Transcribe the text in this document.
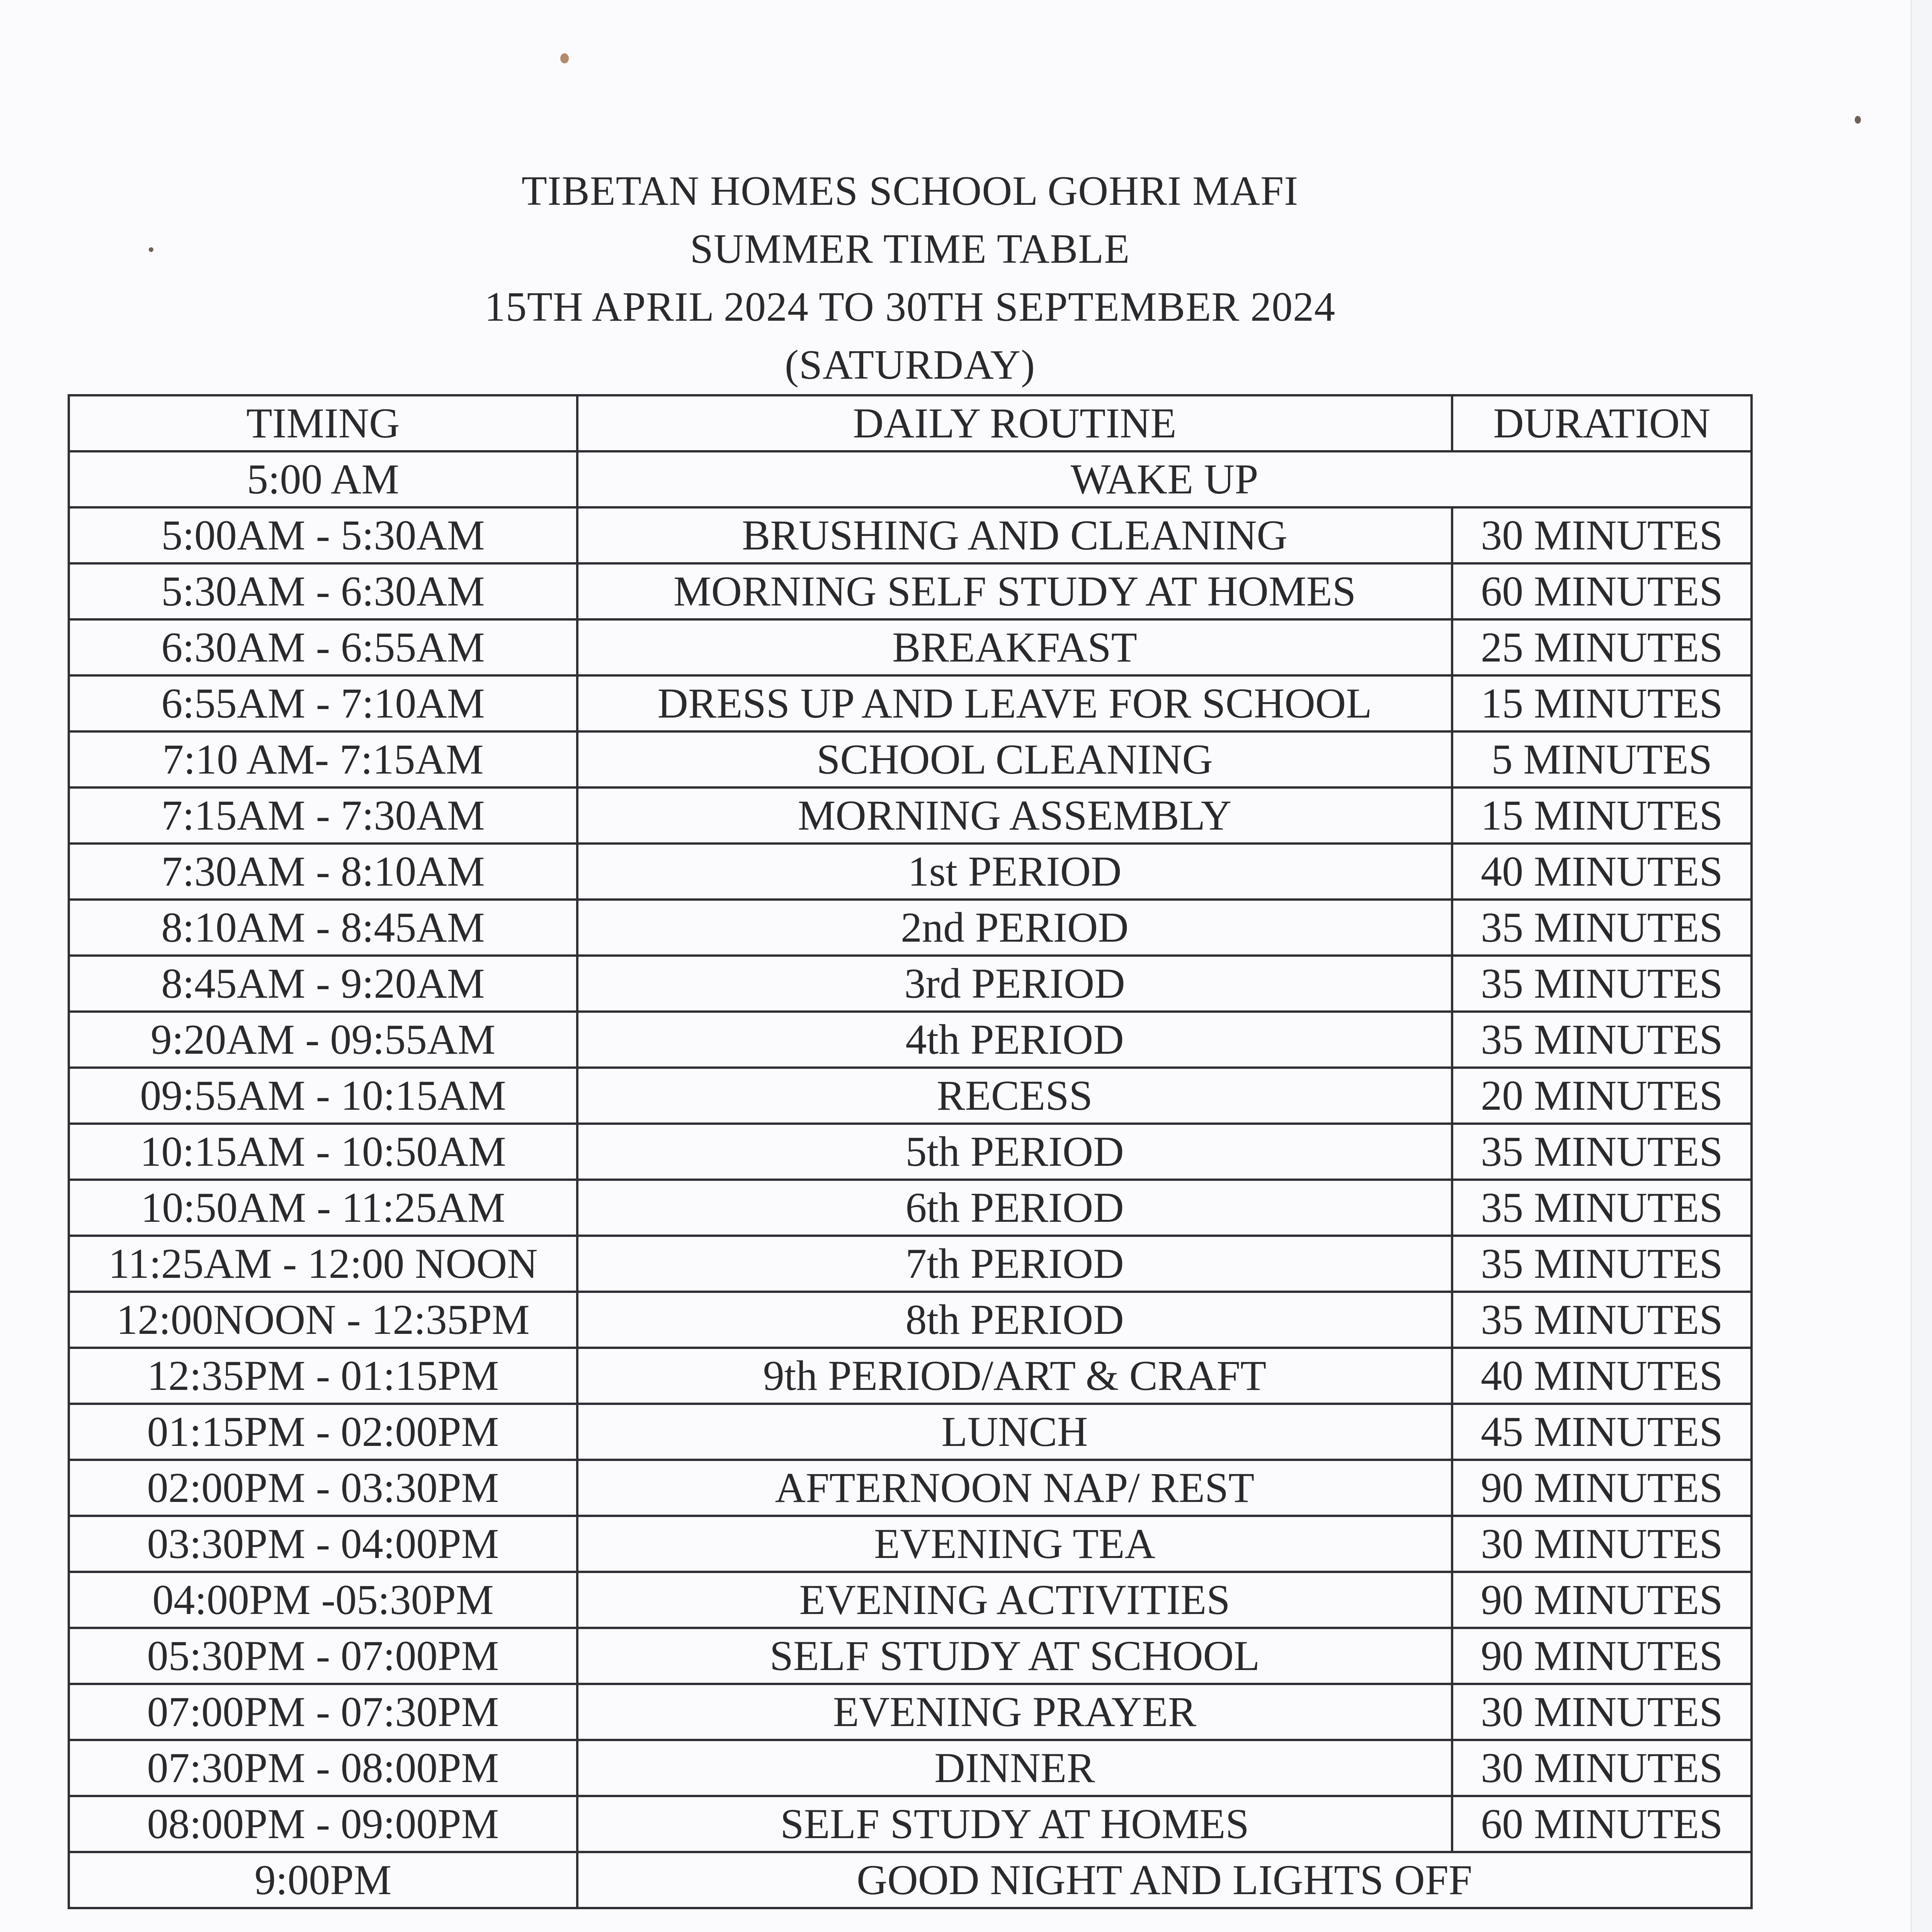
TIBETAN HOMES SCHOOL GOHRI MAFI
SUMMER TIME TABLE
15TH APRIL 2024 TO 30TH SEPTEMBER 2024
(SATURDAY)
TIMING	DAILY ROUTINE	DURATION
5:00 AM	WAKE UP	
5:00AM - 5:30AM	BRUSHING AND CLEANING	30 MINUTES
5:30AM - 6:30AM	MORNING SELF STUDY AT HOMES	60 MINUTES
6:30AM - 6:55AM	BREAKFAST	25 MINUTES
6:55AM - 7:10AM	DRESS UP AND LEAVE FOR SCHOOL	15 MINUTES
7:10 AM- 7:15AM	SCHOOL CLEANING	5 MINUTES
7:15AM - 7:30AM	MORNING ASSEMBLY	15 MINUTES
7:30AM - 8:10AM	1st PERIOD	40 MINUTES
8:10AM - 8:45AM	2nd PERIOD	35 MINUTES
8:45AM - 9:20AM	3rd PERIOD	35 MINUTES
9:20AM - 09:55AM	4th PERIOD	35 MINUTES
09:55AM - 10:15AM	RECESS	20 MINUTES
10:15AM - 10:50AM	5th PERIOD	35 MINUTES
10:50AM - 11:25AM	6th PERIOD	35 MINUTES
11:25AM - 12:00 NOON	7th PERIOD	35 MINUTES
12:00NOON - 12:35PM	8th PERIOD	35 MINUTES
12:35PM - 01:15PM	9th PERIOD/ART & CRAFT	40 MINUTES
01:15PM - 02:00PM	LUNCH	45 MINUTES
02:00PM - 03:30PM	AFTERNOON NAP/ REST	90 MINUTES
03:30PM - 04:00PM	EVENING TEA	30 MINUTES
04:00PM -05:30PM	EVENING ACTIVITIES	90 MINUTES
05:30PM - 07:00PM	SELF STUDY AT SCHOOL	90 MINUTES
07:00PM - 07:30PM	EVENING PRAYER	30 MINUTES
07:30PM - 08:00PM	DINNER	30 MINUTES
08:00PM - 09:00PM	SELF STUDY AT HOMES	60 MINUTES
9:00PM	GOOD NIGHT AND LIGHTS OFF	
